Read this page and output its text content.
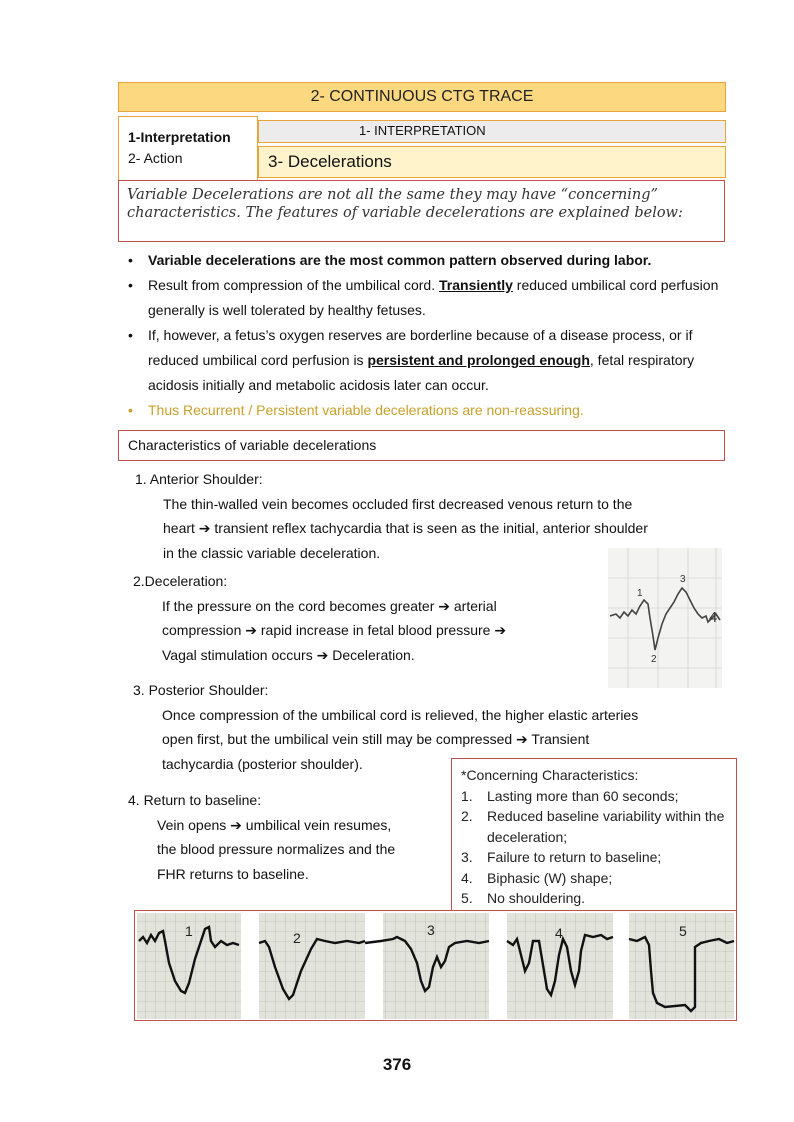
2- CONTINUOUS CTG TRACE
1- INTERPRETATION
3- Decelerations
1-Interpretation
2- Action
Variable Decelerations are not all the same they may have “concerning” characteristics. The features of variable decelerations are explained below:
• Variable decelerations are the most common pattern observed during labor.
• Result from compression of the umbilical cord. Transiently reduced umbilical cord perfusion generally is well tolerated by healthy fetuses.
• If, however, a fetus’s oxygen reserves are borderline because of a disease process, or if reduced umbilical cord perfusion is persistent and prolonged enough, fetal respiratory acidosis initially and metabolic acidosis later can occur.
• Thus Recurrent / Persistent variable decelerations are non-reassuring.
Characteristics of variable decelerations
1. Anterior Shoulder:
The thin-walled vein becomes occluded first decreased venous return to the
heart ➔ transient reflex tachycardia that is seen as the initial, anterior shoulder
in the classic variable deceleration.
2.Deceleration:
If the pressure on the cord becomes greater ➔ arterial
compression ➔ rapid increase in fetal blood pressure ➔
Vagal stimulation occurs ➔ Deceleration.
1
2
3
4
3. Posterior Shoulder:
Once compression of the umbilical cord is relieved, the higher elastic arteries
open first, but the umbilical vein still may be compressed ➔ Transient
tachycardia (posterior shoulder).
4. Return to baseline:
Vein opens ➔ umbilical vein resumes,
the blood pressure normalizes and the
FHR returns to baseline.
*Concerning Characteristics:
1. Lasting more than 60 seconds;
2. Reduced baseline variability within the deceleration;
3. Failure to return to baseline;
4. Biphasic (W) shape;
5. No shouldering.
1	2	3	4	5
376
